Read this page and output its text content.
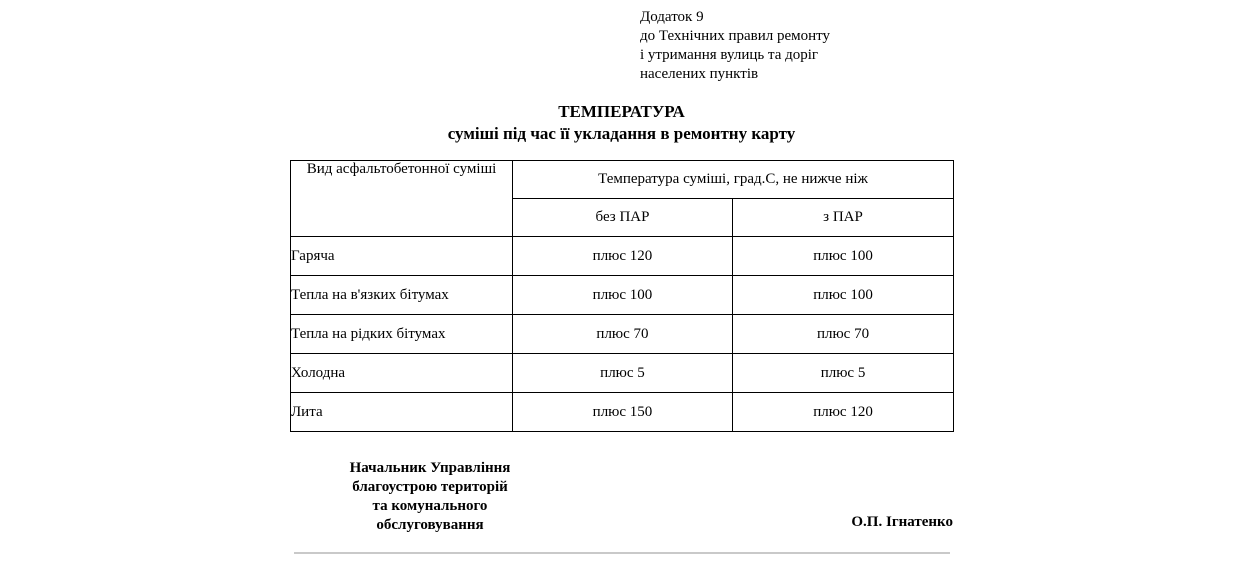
Додаток 9
до Технічних правил ремонту
і утримання вулиць та доріг
населених пунктів
ТЕМПЕРАТУРА
суміші під час її укладання в ремонтну карту
Вид асфальтобетонної суміші	Температура суміші, град.С, не нижче ніж	
	без ПАР	з ПАР
Гаряча	плюс 120	плюс 100
Тепла на в'язких бітумах	плюс 100	плюс 100
Тепла на рідких бітумах	плюс 70	плюс 70
Холодна	плюс 5	плюс 5
Лита	плюс 150	плюс 120
Начальник Управління
благоустрою територій
та комунального
обслуговування	О.П. Ігнатенко
